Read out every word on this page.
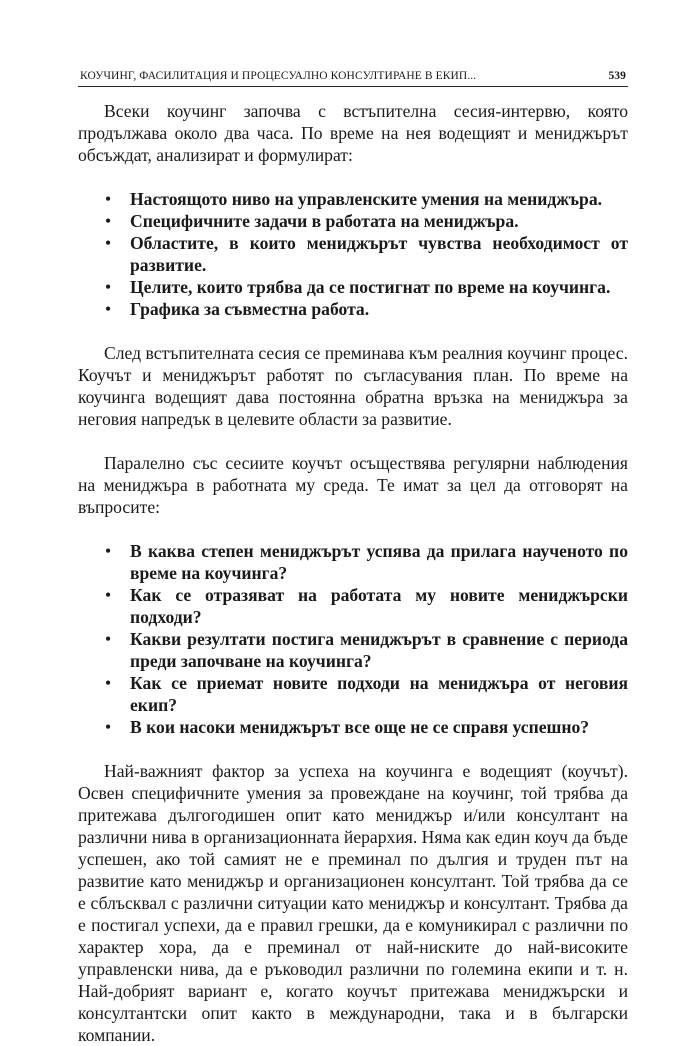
КОУЧИНГ, ФАСИЛИТАЦИЯ И ПРОЦЕСУАЛНО КОНСУЛТИРАНЕ В ЕКИП...	539

Всеки коучинг започва с встъпителна сесия-интервю, която продължава около два часа. По време на нея водещият и мениджърът обсъждат, анализират и формулират:

• Настоящото ниво на управленските умения на мениджъра.
• Специфичните задачи в работата на мениджъра.
• Областите, в които мениджърът чувства необходимост от развитие.
• Целите, които трябва да се постигнат по време на коучинга.
• Графика за съвместна работа.

След встъпителната сесия се преминава към реалния коучинг процес. Коучът и мениджърът работят по съгласувания план. По време на коучинга водещият дава постоянна обратна връзка на мениджъра за неговия напредък в целевите области за развитие.

Паралелно със сесиите коучът осъществява регулярни наблюдения на мениджъра в работната му среда. Те имат за цел да отговорят на въпросите:

• В каква степен мениджърът успява да прилага наученото по време на коучинга?
• Как се отразяват на работата му новите мениджърски подходи?
• Какви резултати постига мениджърът в сравнение с периода преди започване на коучинга?
• Как се приемат новите подходи на мениджъра от неговия екип?
• В кои насоки мениджърът все още не се справя успешно?

Най-важният фактор за успеха на коучинга е водещият (коучът). Освен специфичните умения за провеждане на коучинг, той трябва да притежава дългогодишен опит като мениджър и/или консултант на различни нива в организационната йерархия. Няма как един коуч да бъде успешен, ако той самият не е преминал по дългия и труден път на развитие като мениджър и организационен консултант. Той трябва да се е сблъсквал с различни ситуации като мениджър и консултант. Трябва да е постигал успехи, да е правил грешки, да е комуникирал с различни по характер хора, да е преминал от най-ниските до най-високите управленски нива, да е ръководил различни по големина екипи и т. н. Най-добрият вариант е, когато коучът притежава мениджърски и консултантски опит както в международни, така и в български компании.
